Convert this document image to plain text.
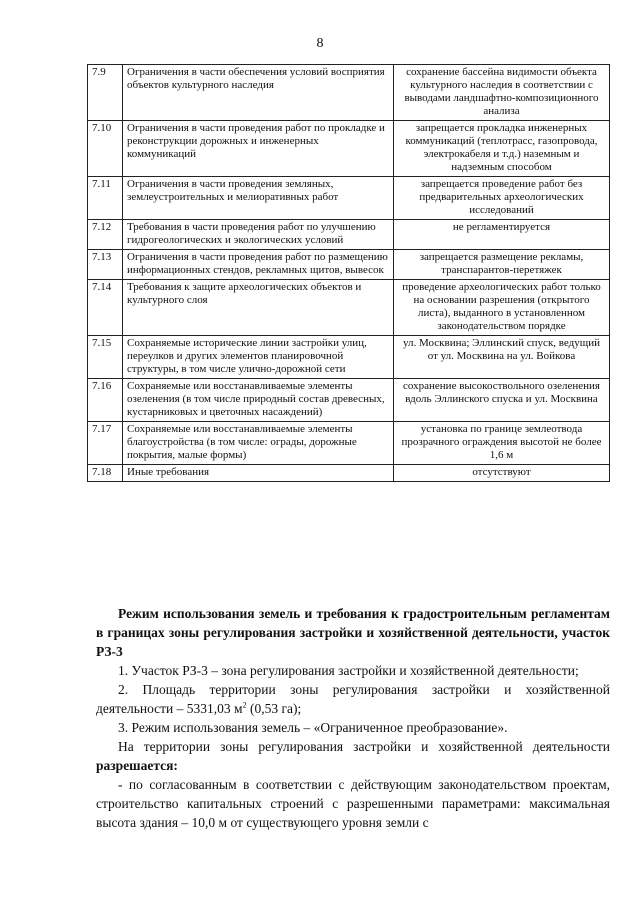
8
7.9	Ограничения в части обеспечения условий восприятия объектов культурного наследия	сохранение бассейна видимости объекта культурного наследия в соответствии с выводами ландшафтно-композиционного анализа
7.10	Ограничения в части проведения работ по прокладке и реконструкции дорожных и инженерных коммуникаций	запрещается прокладка инженерных коммуникаций (теплотрасс, газопровода, электрокабеля и т.д.) наземным и надземным способом
7.11	Ограничения в части проведения земляных, землеустроительных и мелиоративных работ	запрещается проведение работ без предварительных археологических исследований
7.12	Требования в части проведения работ по улучшению гидрогеологических и экологических условий	не регламентируется
7.13	Ограничения в части проведения работ по размещению информационных стендов, рекламных щитов, вывесок	запрещается размещение рекламы, транспарантов-перетяжек
7.14	Требования к защите археологических объектов и культурного слоя	проведение археологических работ только на основании разрешения (открытого листа), выданного в установленном законодательством порядке
7.15	Сохраняемые исторические линии застройки улиц, переулков и других элементов планировочной структуры, в том числе улично-дорожной сети	ул. Москвина; Эллинский спуск, ведущий от ул. Москвина на ул. Войкова
7.16	Сохраняемые или восстанавливаемые элементы озеленения (в том числе природный состав древесных, кустарниковых и цветочных насаждений)	сохранение высокоствольного озеленения вдоль Эллинского спуска и ул. Москвина
7.17	Сохраняемые или восстанавливаемые элементы благоустройства (в том числе: ограды, дорожные покрытия, малые формы)	установка по границе землеотвода прозрачного ограждения высотой не более 1,6 м
7.18	Иные требования	отсутствуют

Режим использования земель и требования к градостроительным регламентам в границах зоны регулирования застройки и хозяйственной деятельности, участок РЗ-3

1. Участок РЗ-3 – зона регулирования застройки и хозяйственной деятельности;

2. Площадь территории зоны регулирования застройки и хозяйственной деятельности – 5331,03 $м^2$ (0,53 га);

3. Режим использования земель – «Ограниченное преобразование».

На территории зоны регулирования застройки и хозяйственной деятельности разрешается:

- по согласованным в соответствии с действующим законодательством проектам, строительство капитальных строений с разрешенными параметрами: максимальная высота здания – 10,0 м от существующего уровня земли с
